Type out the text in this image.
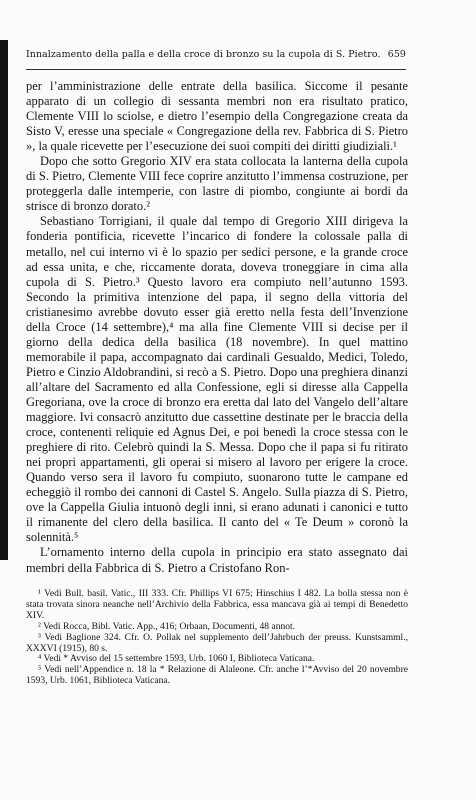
Innalzamento della palla e della croce di bronzo su la cupola di S. Pietro. 659

per l’amministrazione delle entrate della basilica. Siccome il pesante apparato di un collegio di sessanta membri non era risultato pratico, Clemente VIII lo sciolse, e dietro l’esempio della Congregazione creata da Sisto V, eresse una speciale « Congregazione della rev. Fabbrica di S. Pietro », la quale ricevette per l’esecuzione dei suoi compiti dei diritti giudiziali.¹

Dopo che sotto Gregorio XIV era stata collocata la lanterna della cupola di S. Pietro, Clemente VIII fece coprire anzitutto l’immensa costruzione, per proteggerla dalle intemperie, con lastre di piombo, congiunte ai bordi da strisce di bronzo dorato.²

Sebastiano Torrigiani, il quale dal tempo di Gregorio XIII dirigeva la fonderia pontificia, ricevette l’incarico di fondere la colossale palla di metallo, nel cui interno vi è lo spazio per sedici persone, e la grande croce ad essa unita, e che, riccamente dorata, doveva troneggiare in cima alla cupola di S. Pietro.³ Questo lavoro era compiuto nell’autunno 1593. Secondo la primitiva intenzione del papa, il segno della vittoria del cristianesimo avrebbe dovuto esser già eretto nella festa dell’Invenzione della Croce (14 settembre),⁴ ma alla fine Clemente VIII si decise per il giorno della dedica della basilica (18 novembre). In quel mattino memorabile il papa, accompagnato dai cardinali Gesualdo, Medici, Toledo, Pietro e Cinzio Aldobrandini, si recò a S. Pietro. Dopo una preghiera dinanzi all’altare del Sacramento ed alla Confessione, egli si diresse alla Cappella Gregoriana, ove la croce di bronzo era eretta dal lato del Vangelo dell’altare maggiore. Ivi consacrò anzitutto due cassettine destinate per le braccia della croce, contenenti reliquie ed Agnus Dei, e poi benedì la croce stessa con le preghiere di rito. Celebrò quindi la S. Messa. Dopo che il papa si fu ritirato nei propri appartamenti, gli operai si misero al lavoro per erigere la croce. Quando verso sera il lavoro fu compiuto, suonarono tutte le campane ed echeggiò il rombo dei cannoni di Castel S. Angelo. Sulla piazza di S. Pietro, ove la Cappella Giulia intuonò degli inni, si erano adunati i canonici e tutto il rimanente del clero della basilica. Il canto del « Te Deum » coronò la solennità.⁵

L’ornamento interno della cupola in principio era stato assegnato dai membri della Fabbrica di S. Pietro a Cristofano Ron-

¹ Vedi Bull. basil. Vatic., III 333. Cfr. Phillips VI 675; Hinschius I 482. La bolla stessa non è stata trovata sinora neanche nell’Archivio della Fabbrica, essa mancava già ai tempi di Benedetto XIV.

² Vedi Rocca, Bibl. Vatic. App., 416; Orbaan, Documenti, 48 annot.

³ Vedi Baglione 324. Cfr. O. Pollak nel supplemento dell’Jahrbuch der preuss. Kunstsamml., XXXVI (1915), 80 s.

⁴ Vedi * Avviso del 15 settembre 1593, Urb. 1060 I, Biblioteca Vaticana.

⁵ Vedi nell’Appendice n. 18 la * Relazione di Alaleone. Cfr. anche l’*Avviso del 20 novembre 1593, Urb. 1061, Biblioteca Vaticana.
